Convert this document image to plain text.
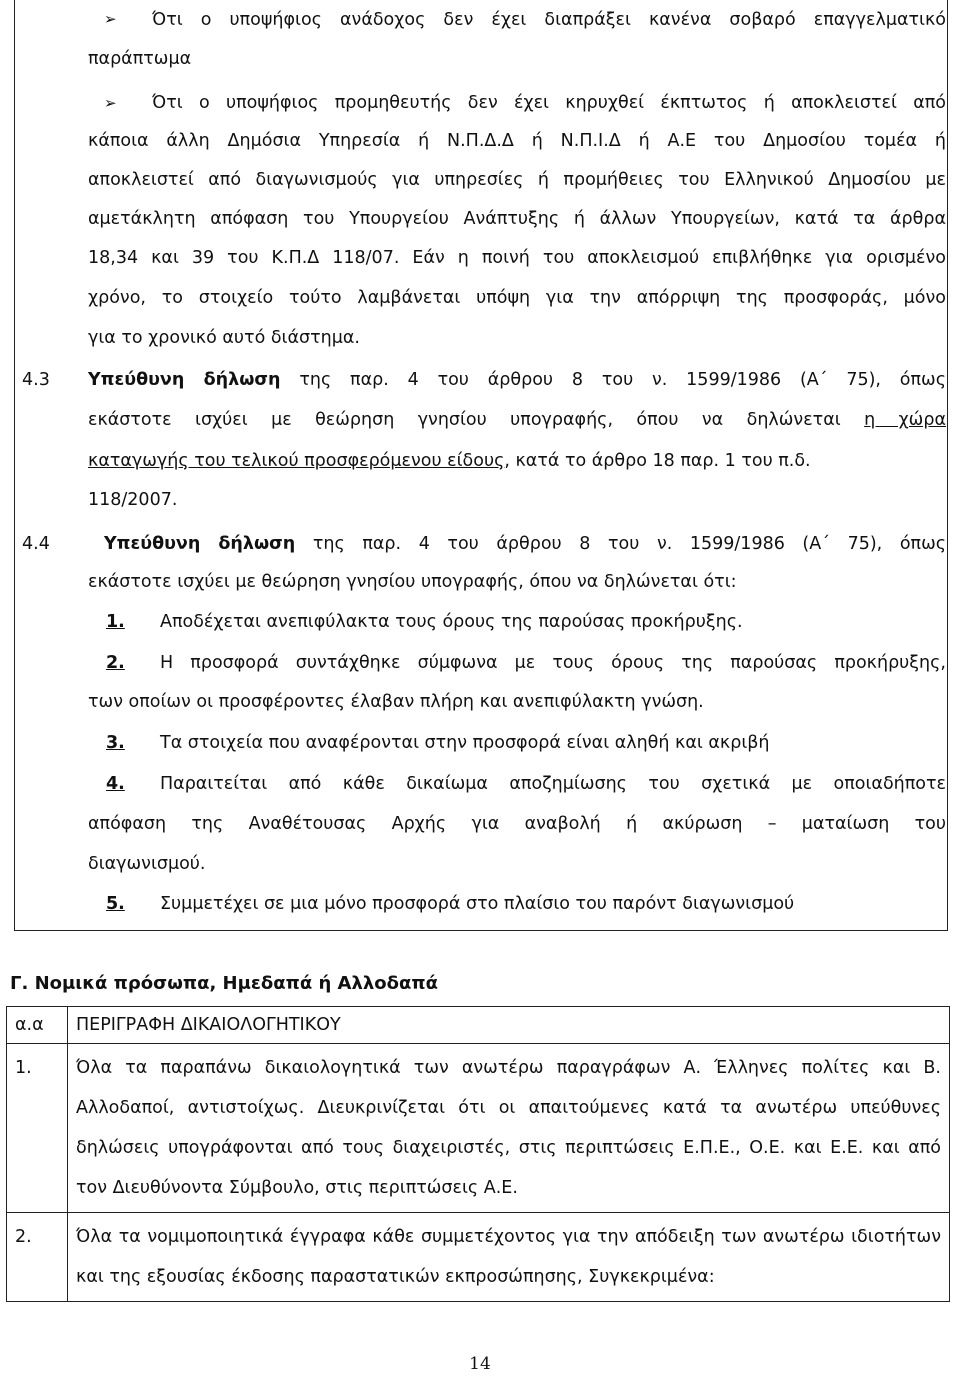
➢ Ότι ο υποψήφιος ανάδοχος δεν έχει διαπράξει κανένα σοβαρό επαγγελματικό
παράπτωμα
➢ Ότι ο υποψήφιος προμηθευτής δεν έχει κηρυχθεί έκπτωτος ή αποκλειστεί από
κάποια άλλη Δημόσια Υπηρεσία ή Ν.Π.Δ.Δ ή Ν.Π.Ι.Δ ή Α.Ε του Δημοσίου τομέα ή
αποκλειστεί από διαγωνισμούς για υπηρεσίες ή προμήθειες του Ελληνικού Δημοσίου με
αμετάκλητη απόφαση του Υπουργείου Ανάπτυξης ή άλλων Υπουργείων, κατά τα άρθρα
18,34 και 39 του Κ.Π.Δ 118/07. Εάν η ποινή του αποκλεισμού επιβλήθηκε για ορισμένο
χρόνο, το στοιχείο τούτο λαμβάνεται υπόψη για την απόρριψη της προσφοράς, μόνο
για το χρονικό αυτό διάστημα.
4.3 Υπεύθυνη δήλωση της παρ. 4 του άρθρου 8 του ν. 1599/1986 (Α΄ 75), όπως
εκάστοτε ισχύει με θεώρηση γνησίου υπογραφής, όπου να δηλώνεται η χώρα
καταγωγής του τελικού προσφερόμενου είδους, κατά το άρθρο 18 παρ. 1 του π.δ.
118/2007.
4.4	Υπεύθυνη δήλωση της παρ. 4 του άρθρου 8 του ν. 1599/1986 (Α΄ 75), όπως
εκάστοτε ισχύει με θεώρηση γνησίου υπογραφής, όπου να δηλώνεται ότι:
1. Αποδέχεται ανεπιφύλακτα τους όρους της παρούσας προκήρυξης.
2. Η προσφορά συντάχθηκε σύμφωνα με τους όρους της παρούσας προκήρυξης,
των οποίων οι προσφέροντες έλαβαν πλήρη και ανεπιφύλακτη γνώση.
3. Τα στοιχεία που αναφέρονται στην προσφορά είναι αληθή και ακριβή
4. Παραιτείται από κάθε δικαίωμα αποζημίωσης του σχετικά με οποιαδήποτε
απόφαση της Αναθέτουσας Αρχής για αναβολή ή ακύρωση – ματαίωση του
διαγωνισμού.
5. Συμμετέχει σε μια μόνο προσφορά στο πλαίσιο του παρόντ διαγωνισμού
Γ. Νομικά πρόσωπα, Ημεδαπά ή Αλλοδαπά
α.α	ΠΕΡΙΓΡΑΦΗ ΔΙΚΑΙΟΛΟΓΗΤΙΚΟΥ
1.	Όλα τα παραπάνω δικαιολογητικά των ανωτέρω παραγράφων Α. Έλληνες πολίτες και Β. Αλλοδαποί, αντιστοίχως. Διευκρινίζεται ότι οι απαιτούμενες κατά τα ανωτέρω υπεύθυνες δηλώσεις υπογράφονται από τους διαχειριστές, στις περιπτώσεις Ε.Π.Ε., Ο.Ε. και Ε.Ε. και από τον Διευθύνοντα Σύμβουλο, στις περιπτώσεις Α.Ε.
2.	Όλα τα νομιμοποιητικά έγγραφα κάθε συμμετέχοντος για την απόδειξη των ανωτέρω ιδιοτήτων και της εξουσίας έκδοσης παραστατικών εκπροσώπησης, Συγκεκριμένα:
14
